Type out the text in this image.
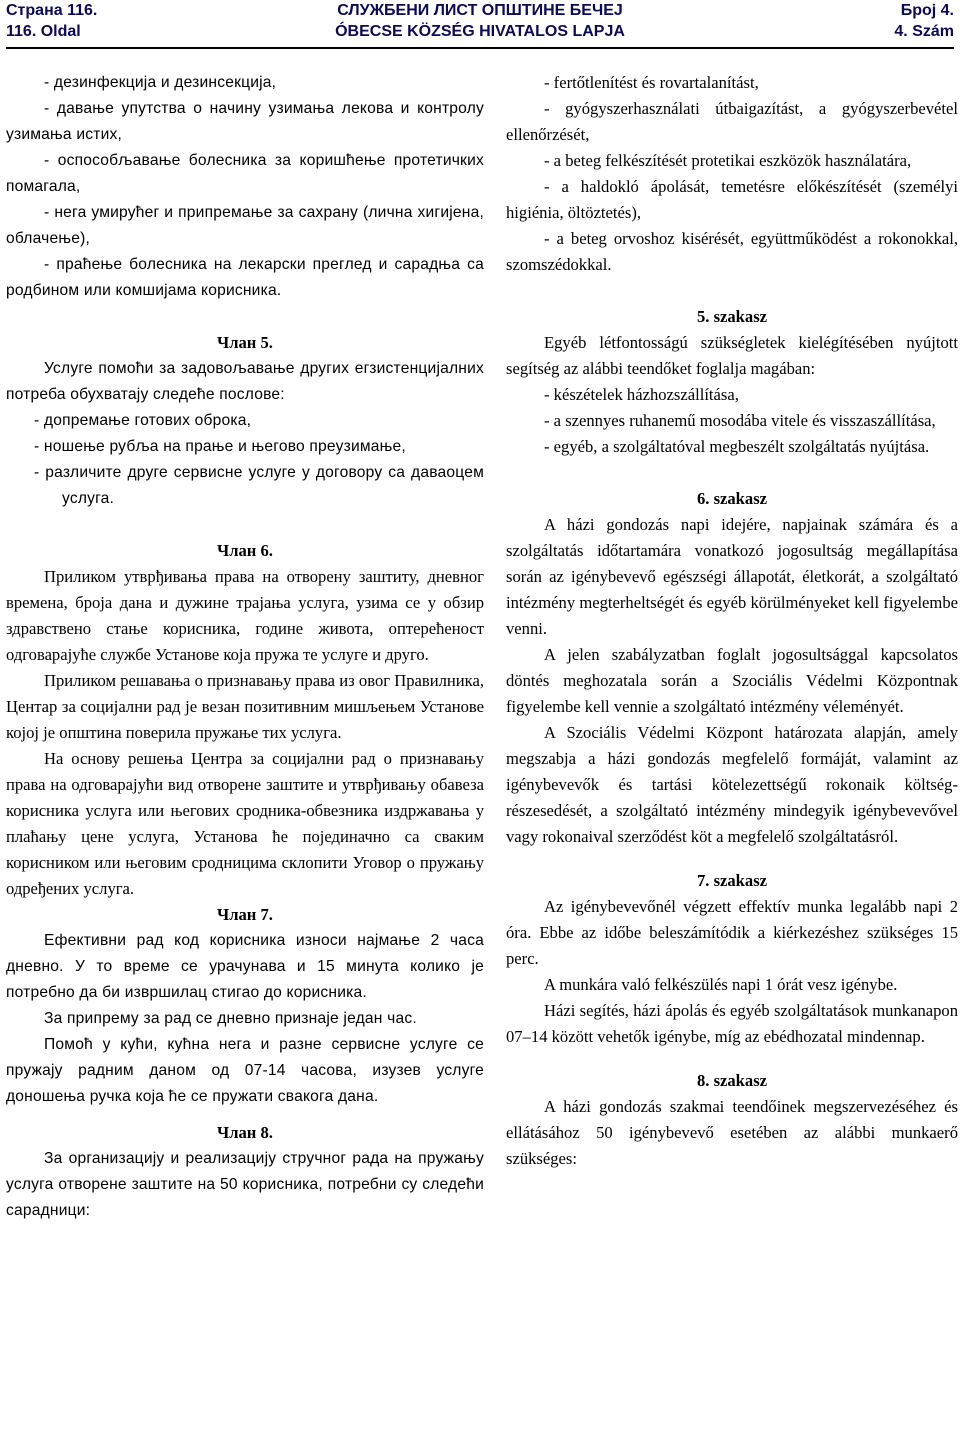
Страна 116.
116. Oldal
СЛУЖБЕНИ ЛИСТ ОПШТИНЕ БЕЧЕЈ
ÓBECSE KÖZSÉG HIVATALOS LAPJA
Број 4.
4. Szám

- дезинфекција и дезинсекција,

- давање упутства о начину узимања лекова и контролу узимања истих,

- оспособљавање болесника за коришћење протетичких помагала,

- нега умирућег и припремање за сахрану (лична хигијена, облачење),

- праћење болесника на лекарски преглед и сарадња са родбином или комшијама корисника.

Члан 5.

Услуге помоћи за задовољавање других егзистенцијалних потреба обухватају следеће послове:

- допремање готових оброка,

- ношење рубља на прање и његово преузимање,

- различите друге сервисне услуге у договору са даваоцем услуга.

Члан 6.

Приликом утврђивања права на отворену заштиту, дневног времена, броја дана и дужине трајања услуга, узима се у обзир здравствено стање корисника, године живота, оптерећеност одговарајуће службе Установе која пружа те услуге и друго.

Приликом решавања о признавању права из овог Правилника, Центар за социјални рад је везан позитивним мишљењем Установе којој је општина поверила пружање тих услуга.

На основу решења Центра за социјални рад о признавању права на одговарајући вид отворене заштите и утврђивању обавеза корисника услуга или његових сродника-обвезника издржавања у плаћању цене услуга, Установа ће појединачно са сваким корисником или његовим сродницима склопити Уговор о пружању одређених услуга.

Члан 7.

Ефективни рад код корисника износи најмање 2 часа дневно. У то време се урачунава и 15 минута колико је потребно да би извршилац стигао до корисника.

За припрему за рад се дневно признаје један час.

Помоћ у кући, кућна нега и разне сервисне услуге се пружају радним даном од 07-14 часова, изузев услуге доношења ручка која ће се пружати свакога дана.

Члан 8.

За организацију и реализацију стручног рада на пружању услуга отворене заштите на 50 корисника, потребни су следећи сарадници:

- fertőtlenítést és rovartalanítást,

- gyógyszerhasználati útbaigazítást, a gyógyszerbevétel ellenőrzését,

- a beteg felkészítését protetikai eszközök használatára,

- a haldokló ápolását, temetésre előkészítését (személyi higiénia, öltöztetés),

- a beteg orvoshoz kisérését, együttműködést a rokonokkal, szomszédokkal.

5. szakasz

Egyéb létfontosságú szükségletek kielégítésében nyújtott segítség az alábbi teendőket foglalja magában:

- készételek házhozszállítása,

- a szennyes ruhanemű mosodába vitele és visszaszállítása,

- egyéb, a szolgáltatóval megbeszélt szolgáltatás nyújtása.

6. szakasz

A házi gondozás napi idejére, napjainak számára és a szolgáltatás időtartamára vonatkozó jogosultság megállapítása során az igénybevevő egészségi állapotát, életkorát, a szolgáltató intézmény megterheltségét és egyéb körülményeket kell figyelembe venni.

A jelen szabályzatban foglalt jogosultsággal kapcsolatos döntés meghozatala során a Szociális Védelmi Központnak figyelembe kell vennie a szolgáltató intézmény véleményét.

A Szociális Védelmi Központ határozata alapján, amely megszabja a házi gondozás megfelelő formáját, valamint az igénybevevők és tartási kötelezettségű rokonaik költség-részesedését, a szolgáltató intézmény mindegyik igénybevevővel vagy rokonaival szerződést köt a megfelelő szolgáltatásról.

7. szakasz

Az igénybevevőnél végzett effektív munka legalább napi 2 óra. Ebbe az időbe beleszámítódik a kiérkezéshez szükséges 15 perc.

A munkára való felkészülés napi 1 órát vesz igénybe.

Házi segítés, házi ápolás és egyéb szolgáltatások munkanapon 07–14 között vehetők igénybe, míg az ebédhozatal mindennap.

8. szakasz

A házi gondozás szakmai teendőinek megszervezéséhez és ellátásához 50 igénybevevő esetében az alábbi munkaerő szükséges:
